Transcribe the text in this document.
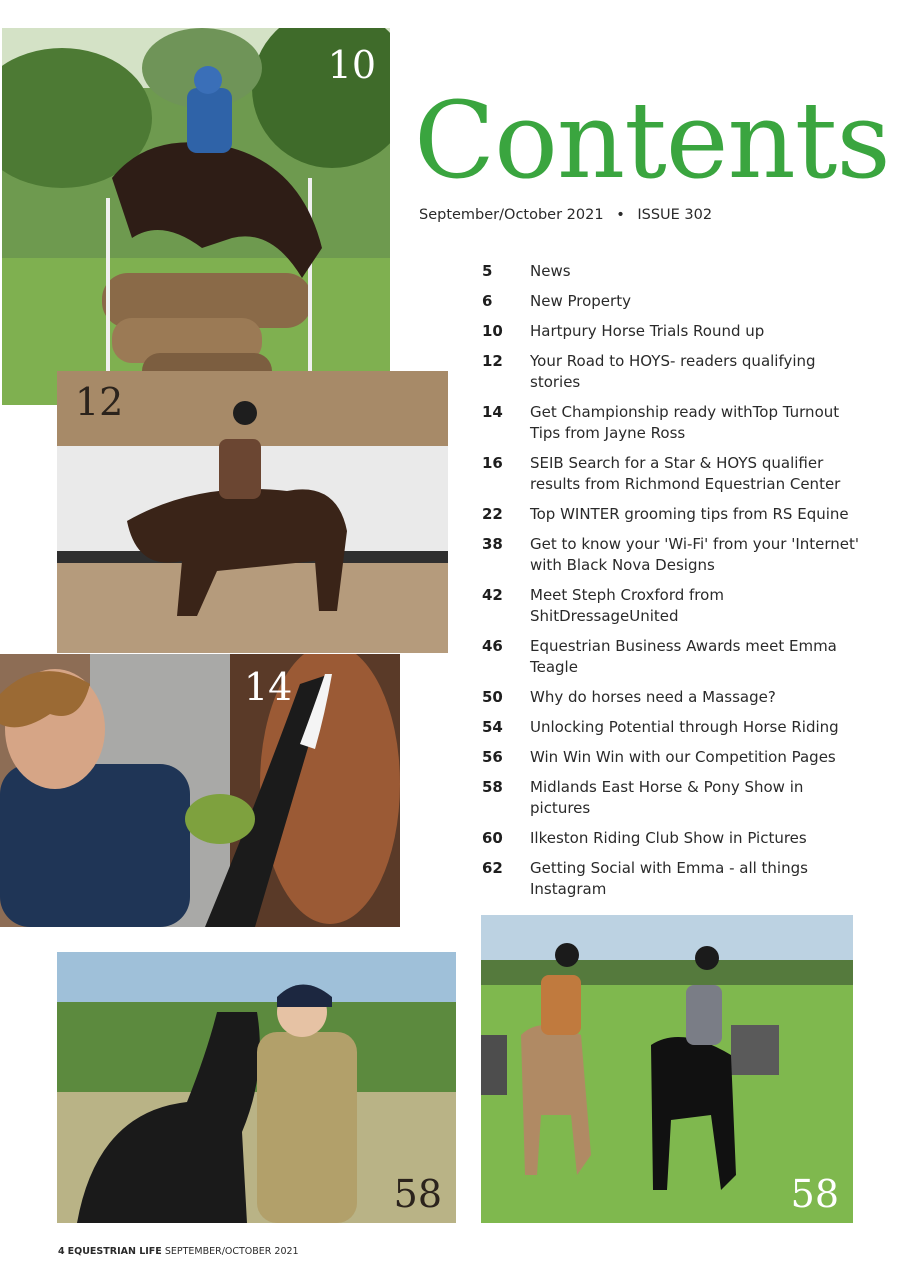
10
12
14
58	58
Contents
September/October 2021 • ISSUE 302
5	News
6	New Property
10	Hartpury Horse Trials Round up
12	Your Road to HOYS- readers qualifying stories
14	Get Championship ready withTop Turnout Tips from Jayne Ross
16	SEIB Search for a Star & HOYS qualifier results from Richmond Equestrian Center
22	Top WINTER grooming tips from RS Equine
38	Get to know your 'Wi-Fi' from your 'Internet' with Black Nova Designs
42	Meet Steph Croxford from ShitDressageUnited
46	Equestrian Business Awards meet Emma Teagle
50	Why do horses need a Massage?
54	Unlocking Potential through Horse Riding
56	Win Win Win with our Competition Pages
58	Midlands East Horse & Pony Show in pictures
60	Ilkeston Riding Club Show in Pictures
62	Getting Social with Emma - all things Instagram
4 EQUESTRIAN LIFE SEPTEMBER/OCTOBER 2021
